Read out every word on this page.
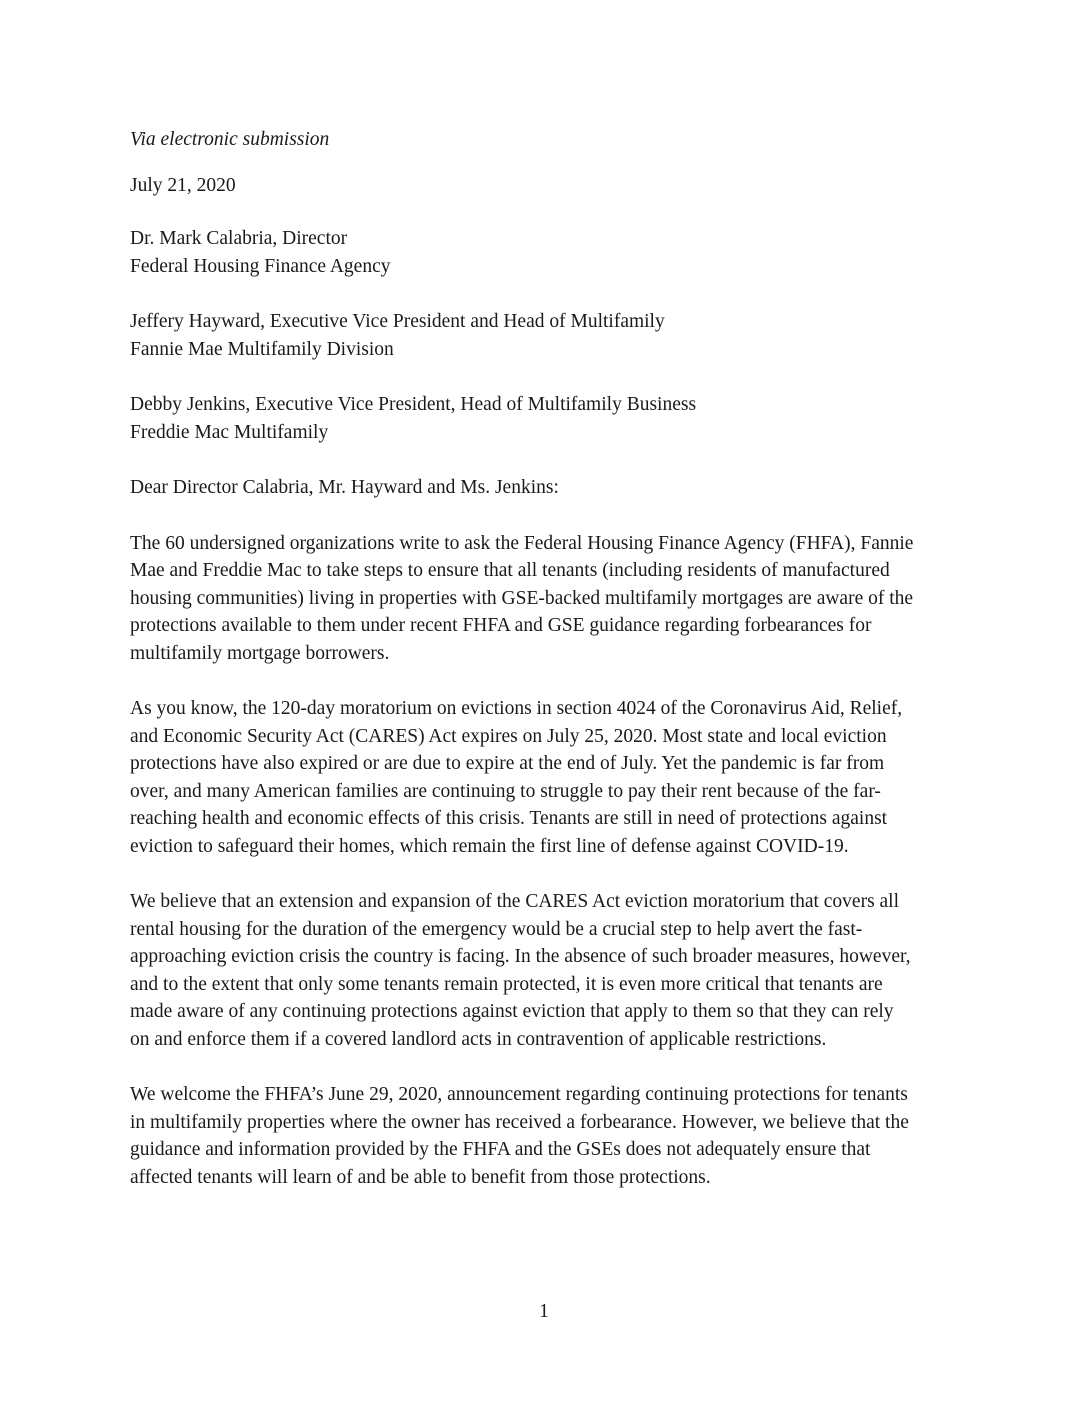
Via electronic submission

July 21, 2020

Dr. Mark Calabria, Director

Federal Housing Finance Agency

Jeffery Hayward, Executive Vice President and Head of Multifamily

Fannie Mae Multifamily Division

Debby Jenkins, Executive Vice President, Head of Multifamily Business

Freddie Mac Multifamily

Dear Director Calabria, Mr. Hayward and Ms. Jenkins:

The 60 undersigned organizations write to ask the Federal Housing Finance Agency (FHFA), Fannie
Mae and Freddie Mac to take steps to ensure that all tenants (including residents of manufactured
housing communities) living in properties with GSE-backed multifamily mortgages are aware of the
protections available to them under recent FHFA and GSE guidance regarding forbearances for
multifamily mortgage borrowers.
As you know, the 120-day moratorium on evictions in section 4024 of the Coronavirus Aid, Relief,
and Economic Security Act (CARES) Act expires on July 25, 2020. Most state and local eviction
protections have also expired or are due to expire at the end of July. Yet the pandemic is far from
over, and many American families are continuing to struggle to pay their rent because of the far-
reaching health and economic effects of this crisis. Tenants are still in need of protections against
eviction to safeguard their homes, which remain the first line of defense against COVID-19.
We believe that an extension and expansion of the CARES Act eviction moratorium that covers all
rental housing for the duration of the emergency would be a crucial step to help avert the fast-
approaching eviction crisis the country is facing. In the absence of such broader measures, however,
and to the extent that only some tenants remain protected, it is even more critical that tenants are
made aware of any continuing protections against eviction that apply to them so that they can rely
on and enforce them if a covered landlord acts in contravention of applicable restrictions.
We welcome the FHFA’s June 29, 2020, announcement regarding continuing protections for tenants
in multifamily properties where the owner has received a forbearance. However, we believe that the
guidance and information provided by the FHFA and the GSEs does not adequately ensure that
affected tenants will learn of and be able to benefit from those protections.
1
